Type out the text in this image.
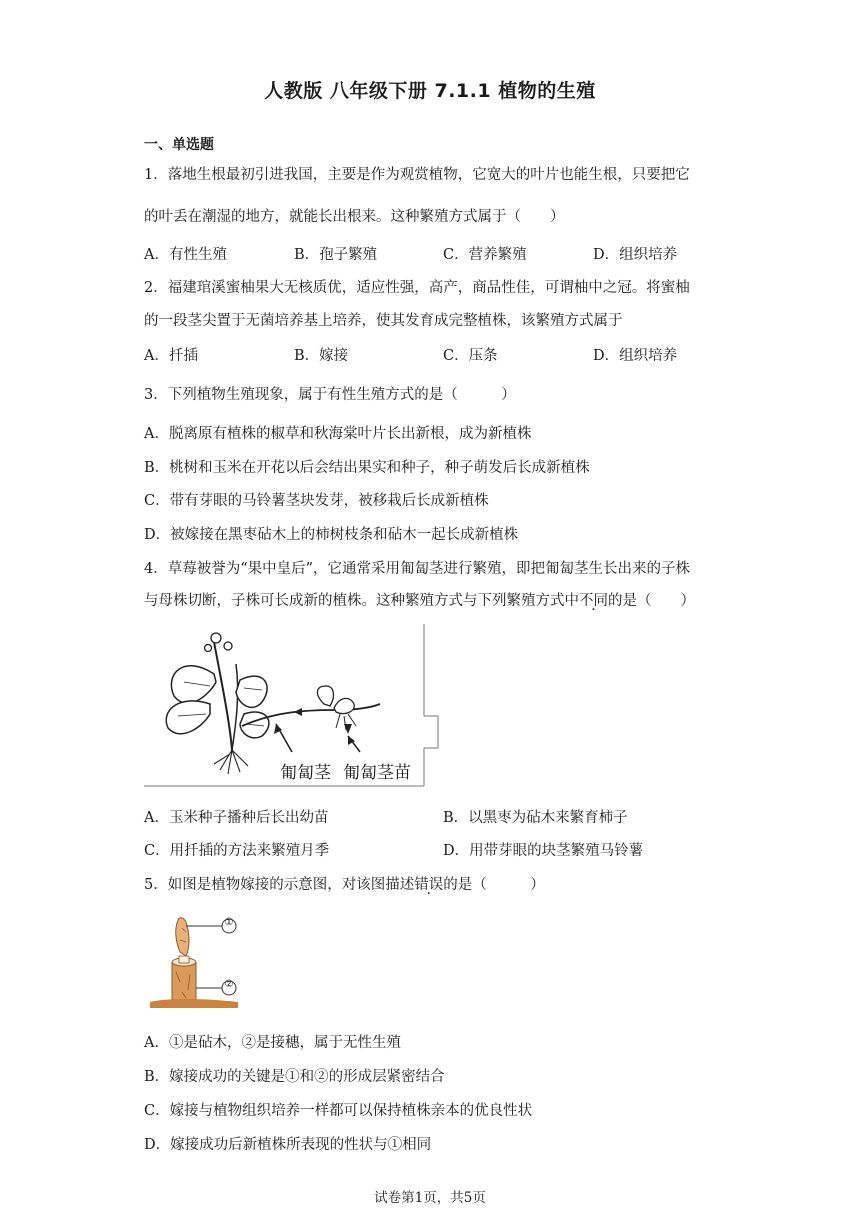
人教版 八年级下册 7.1.1 植物的生殖
一、单选题
1．落地生根最初引进我国，主要是作为观赏植物，它宽大的叶片也能生根，只要把它
的叶丢在潮湿的地方，就能长出根来。这种繁殖方式属于（　　）
A．有性生殖	B．孢子繁殖	C．营养繁殖	D．组织培养
2．福建琯溪蜜柚果大无核质优，适应性强，高产，商品性佳，可谓柚中之冠。将蜜柚
的一段茎尖置于无菌培养基上培养，使其发育成完整植株，该繁殖方式属于
A．扦插	B．嫁接	C．压条	D．组织培养
3．下列植物生殖现象，属于有性生殖方式的是（　　　）
A．脱离原有植株的椒草和秋海棠叶片长出新根，成为新植株
B．桃树和玉米在开花以后会结出果实和种子，种子萌发后长成新植株
C．带有芽眼的马铃薯茎块发芽，被移栽后长成新植株
D．被嫁接在黑枣砧木上的柿树枝条和砧木一起长成新植株
4．草莓被誉为“果中皇后”，它通常采用匍匐茎进行繁殖，即把匍匐茎生长出来的子株
与母株切断，子株可长成新的植株。这种繁殖方式与下列繁殖方式中不同的是（　　）
匍匐茎 匍匐茎苗
A．玉米种子播种后长出幼苗	B．以黑枣为砧木来繁育柿子
C．用扦插的方法来繁殖月季	D．用带芽眼的块茎繁殖马铃薯
5．如图是植物嫁接的示意图，对该图描述错误的是（　　　）
①
②
A．①是砧木，②是接穗，属于无性生殖
B．嫁接成功的关键是①和②的形成层紧密结合
C．嫁接与植物组织培养一样都可以保持植株亲本的优良性状
D．嫁接成功后新植株所表现的性状与①相同
试卷第1页，共5页
